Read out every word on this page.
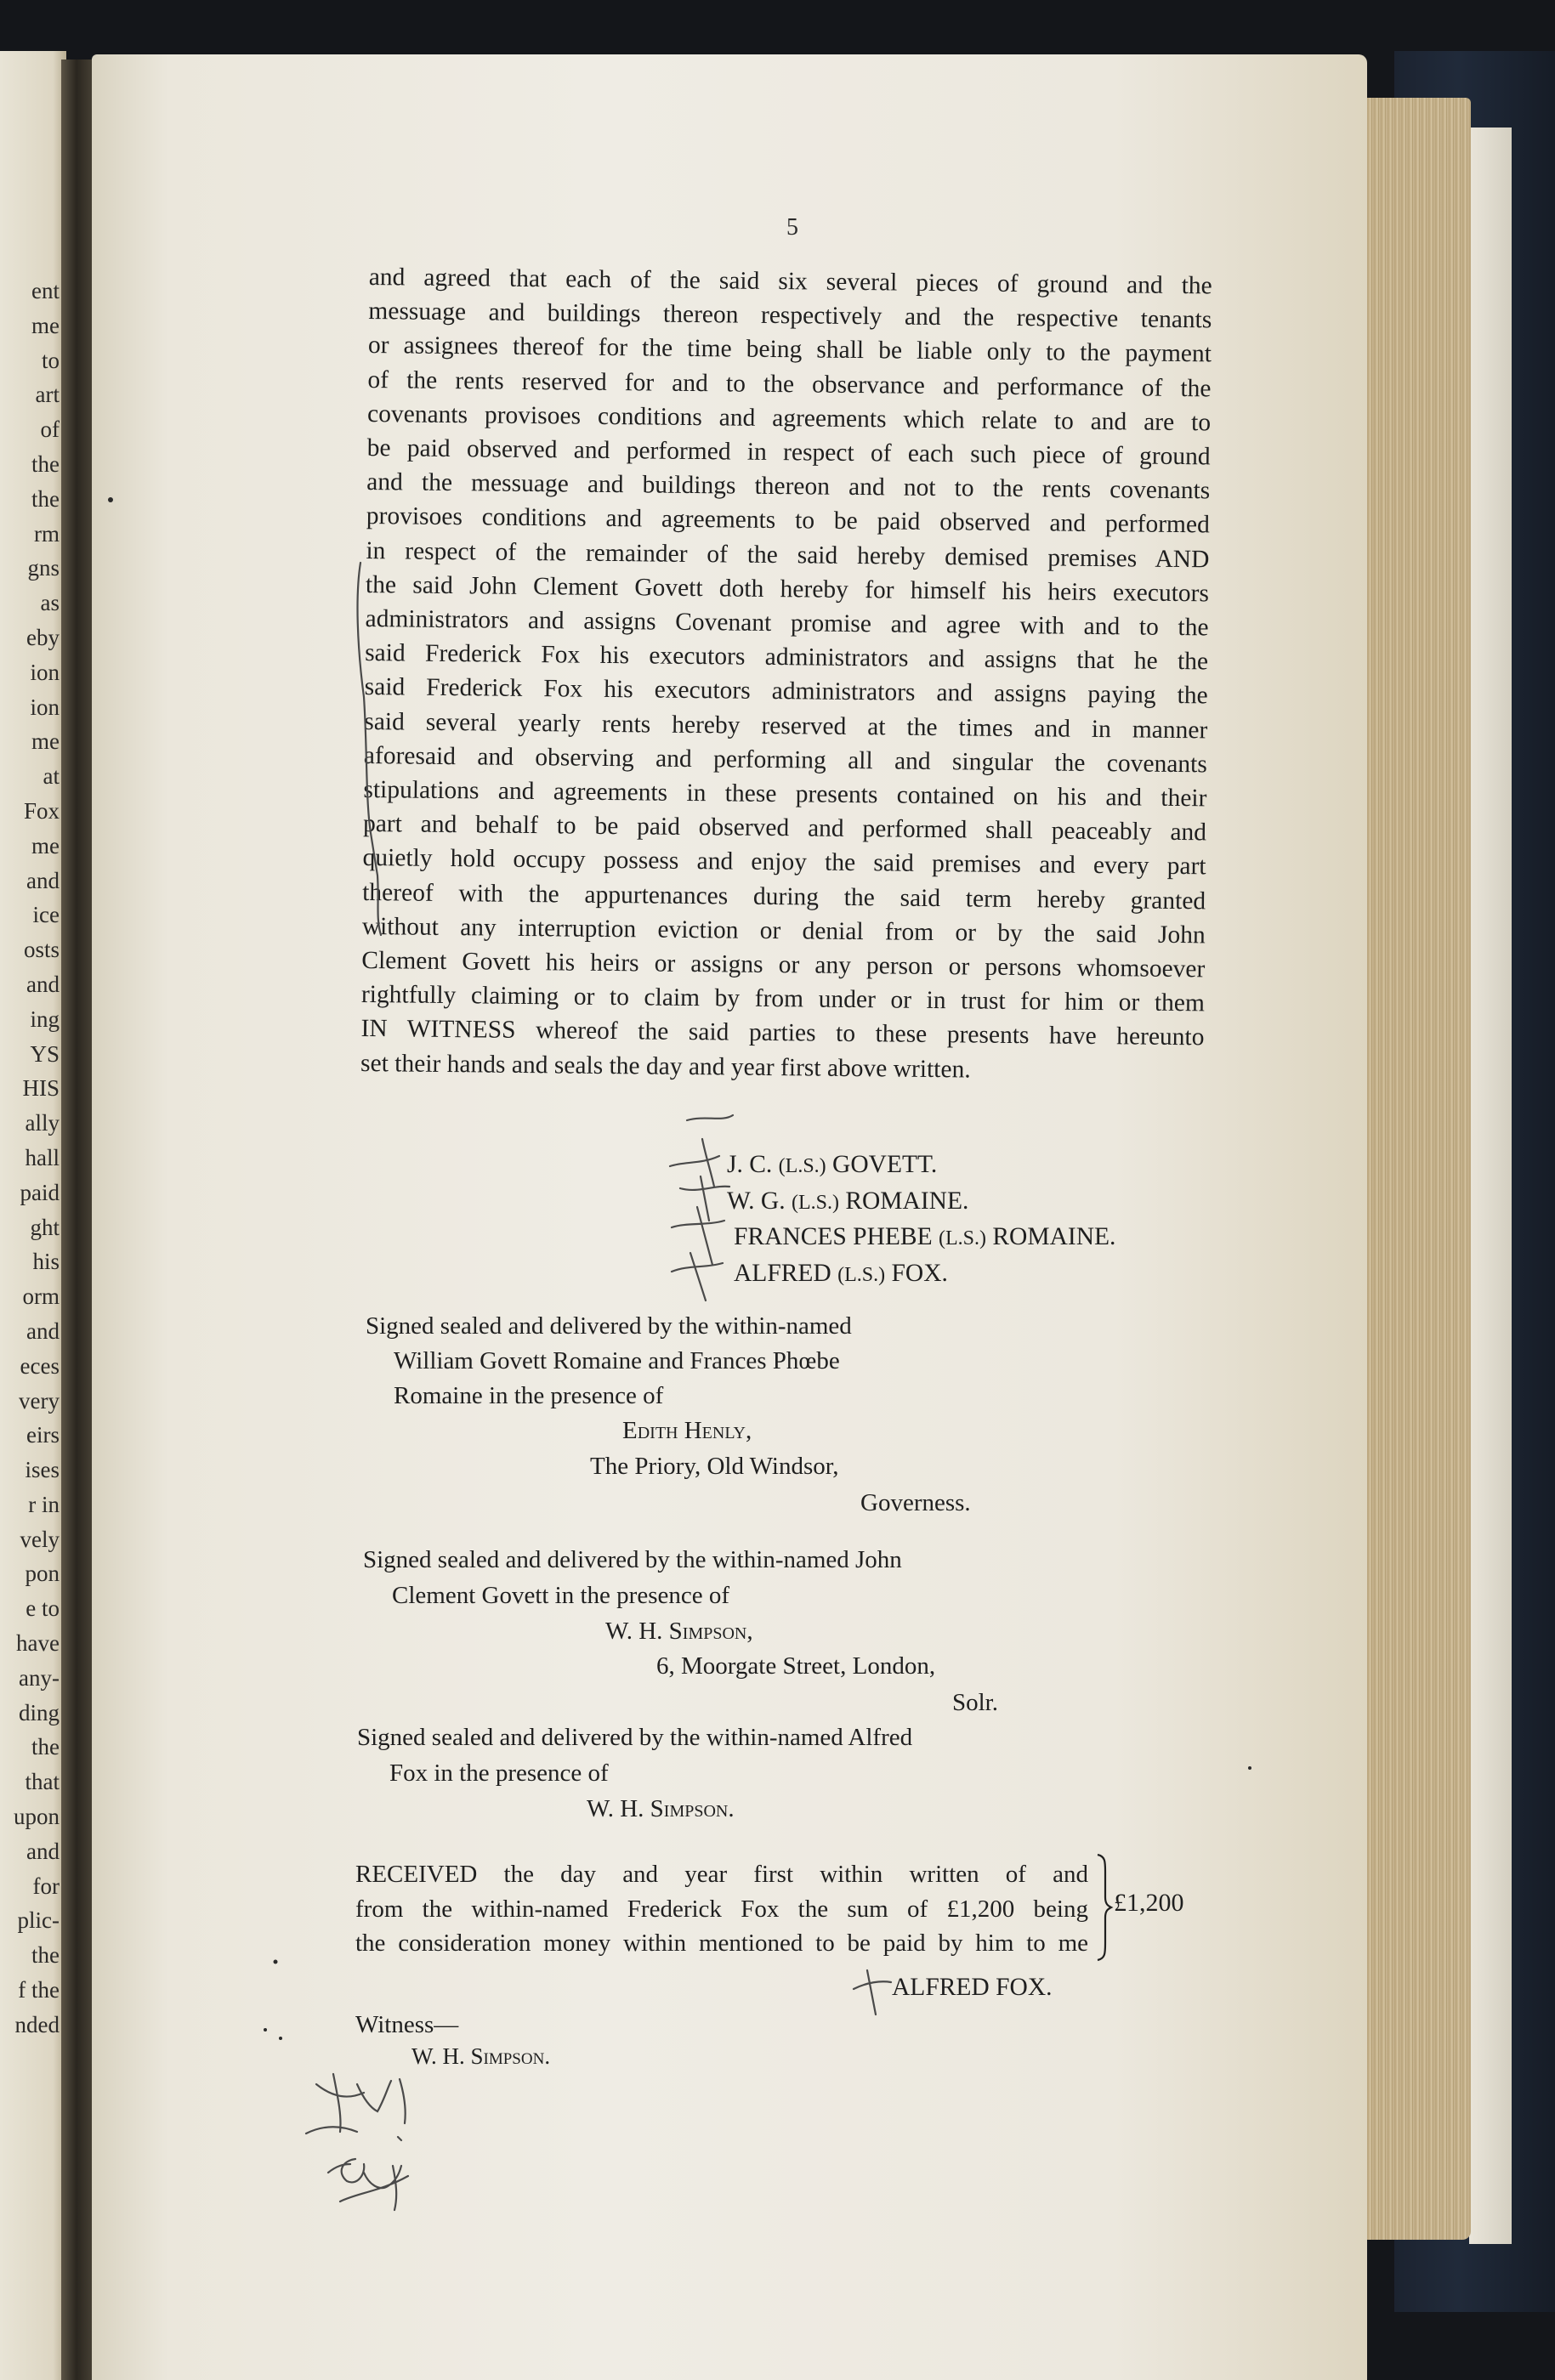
ent
me
to
art
of
the
the
rm
gns
as
eby
ion
ion
me
at
Fox
me
and
ice
osts
and
ing
YS
HIS
ally
hall
paid
ght
his
orm
and
eces
very
eirs
ises
r in
vely
pon
e to
have
any-
ding
the
that
upon
and
for
plic-
the
f the
nded
5
and agreed that each of the said six several pieces of ground and the
messuage and buildings thereon respectively and the respective tenants
or assignees thereof for the time being shall be liable only to the payment
of the rents reserved for and to the observance and performance of the
covenants provisoes conditions and agreements which relate to and are to
be paid observed and performed in respect of each such piece of ground
and the messuage and buildings thereon and not to the rents covenants
provisoes conditions and agreements to be paid observed and performed
in respect of the remainder of the said hereby demised premises AND
the said John Clement Govett doth hereby for himself his heirs executors
administrators and assigns Covenant promise and agree with and to the
said Frederick Fox his executors administrators and assigns that he the
said Frederick Fox his executors administrators and assigns paying the
said several yearly rents hereby reserved at the times and in manner
aforesaid and observing and performing all and singular the covenants
stipulations and agreements in these presents contained on his and their
part and behalf to be paid observed and performed shall peaceably and
quietly hold occupy possess and enjoy the said premises and every part
thereof with the appurtenances during the said term hereby granted
without any interruption eviction or denial from or by the said John
Clement Govett his heirs or assigns or any person or persons whomsoever
rightfully claiming or to claim by from under or in trust for him or them
IN WITNESS whereof the said parties to these presents have hereunto
set their hands and seals the day and year first above written.
J. C. (L.S.) GOVETT.
W. G. (L.S.) ROMAINE.
FRANCES PHEBE (L.S.) ROMAINE.
ALFRED (L.S.) FOX.
Signed sealed and delivered by the within-named
William Govett Romaine and Frances Phœbe
Romaine in the presence of
Edith Henly,
The Priory, Old Windsor,
Governess.
Signed sealed and delivered by the within-named John
Clement Govett in the presence of
W. H. Simpson,
6, Moorgate Street, London,
Solr.
Signed sealed and delivered by the within-named Alfred
Fox in the presence of
W. H. Simpson.
RECEIVED the day and year first within written of and
from the within-named Frederick Fox the sum of £1,200 being
the consideration money within mentioned to be paid by him to me
£1,200
ALFRED FOX.
Witness—
W. H. Simpson.
